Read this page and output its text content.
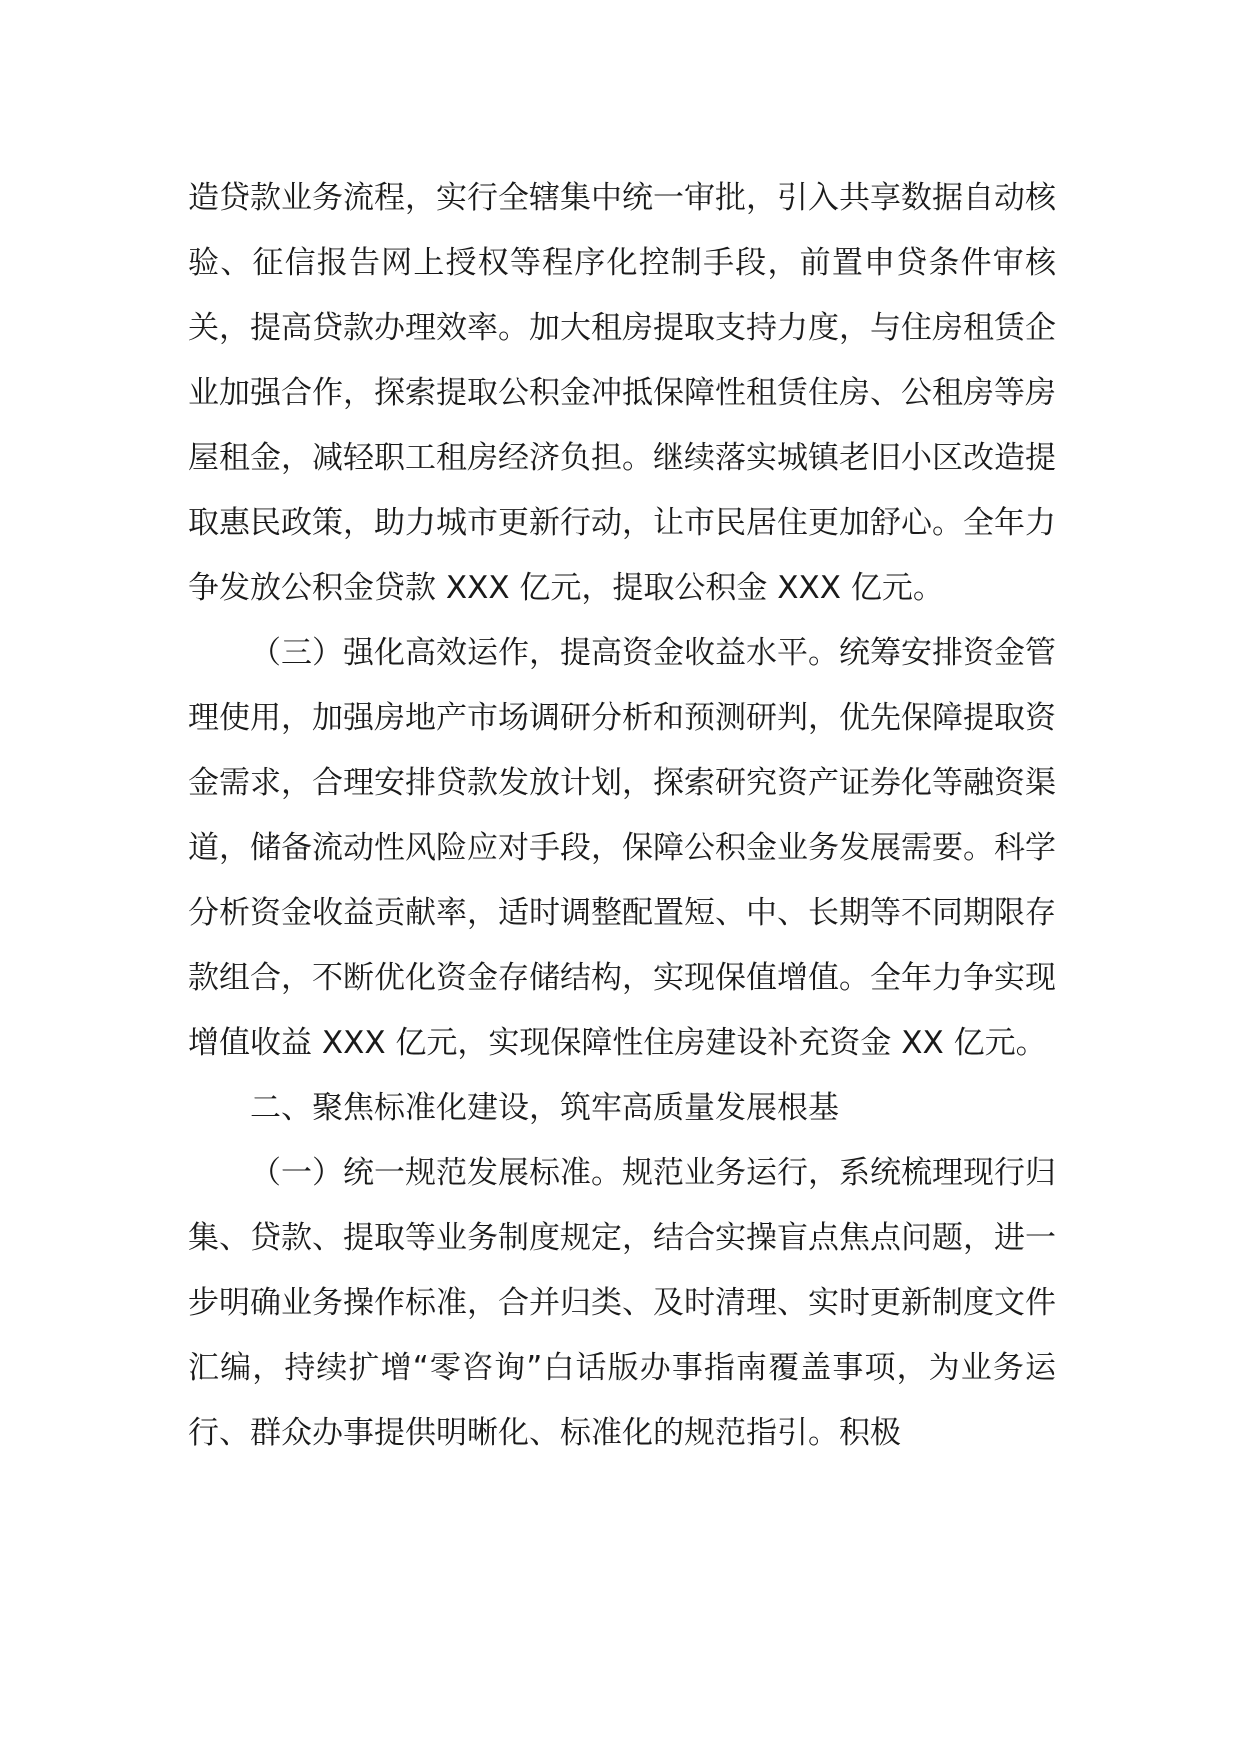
造贷款业务流程，实行全辖集中统一审批，引入共享数据自动核验、征信报告网上授权等程序化控制手段，前置申贷条件审核关，提高贷款办理效率。加大租房提取支持力度，与住房租赁企业加强合作，探索提取公积金冲抵保障性租赁住房、公租房等房屋租金，减轻职工租房经济负担。继续落实城镇老旧小区改造提取惠民政策，助力城市更新行动，让市民居住更加舒心。全年力争发放公积金贷款 XXX 亿元，提取公积金 XXX 亿元。

（三）强化高效运作，提高资金收益水平。统筹安排资金管理使用，加强房地产市场调研分析和预测研判，优先保障提取资金需求，合理安排贷款发放计划，探索研究资产证券化等融资渠道，储备流动性风险应对手段，保障公积金业务发展需要。科学分析资金收益贡献率，适时调整配置短、中、长期等不同期限存款组合，不断优化资金存储结构，实现保值增值。全年力争实现增值收益 XXX 亿元，实现保障性住房建设补充资金 XX 亿元。

二、聚焦标准化建设，筑牢高质量发展根基

（一）统一规范发展标准。规范业务运行，系统梳理现行归集、贷款、提取等业务制度规定，结合实操盲点焦点问题，进一步明确业务操作标准，合并归类、及时清理、实时更新制度文件汇编，持续扩增“零咨询”白话版办事指南覆盖事项，为业务运行、群众办事提供明晰化、标准化的规范指引。积极
